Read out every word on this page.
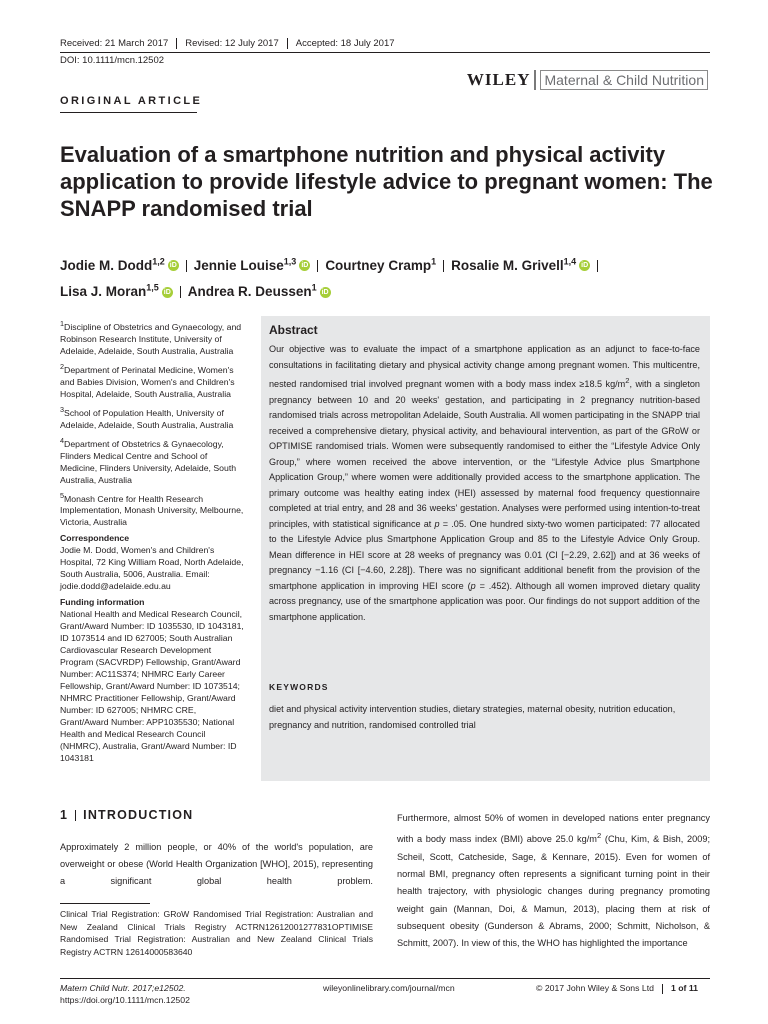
Received: 21 March 2017 Revised: 12 July 2017 Accepted: 18 July 2017
DOI: 10.1111/mcn.12502
WILEY Maternal & Child Nutrition
ORIGINAL ARTICLE
Evaluation of a smartphone nutrition and physical activity application to provide lifestyle advice to pregnant women: The SNAPP randomised trial
Jodie M. Dodd$^{1,2}$ iD Jennie Louise$^{1,3}$ iD Courtney Cramp$^1$ Rosalie M. Grivell$^{1,4}$ iD
Lisa J. Moran$^{1,5}$ iD Andrea R. Deussen$^1$ iD
$^1$Discipline of Obstetrics and Gynaecology, and Robinson Research Institute, University of Adelaide, Adelaide, South Australia, Australia
$^2$Department of Perinatal Medicine, Women's and Babies Division, Women's and Children's Hospital, Adelaide, South Australia, Australia
$^3$School of Population Health, University of Adelaide, Adelaide, South Australia, Australia
$^4$Department of Obstetrics & Gynaecology, Flinders Medical Centre and School of Medicine, Flinders University, Adelaide, South Australia, Australia
$^5$Monash Centre for Health Research Implementation, Monash University, Melbourne, Victoria, Australia
Correspondence
Jodie M. Dodd, Women's and Children's Hospital, 72 King William Road, North Adelaide, South Australia, 5006, Australia. Email: jodie.dodd@adelaide.edu.au
Funding information
National Health and Medical Research Council, Grant/Award Number: ID 1035530, ID 1043181, ID 1073514 and ID 627005; South Australian Cardiovascular Research Development Program (SACVRDP) Fellowship, Grant/Award Number: AC11S374; NHMRC Early Career Fellowship, Grant/Award Number: ID 1073514; NHMRC Practitioner Fellowship, Grant/Award Number: ID 627005; NHMRC CRE, Grant/Award Number: APP1035530; National Health and Medical Research Council (NHMRC), Australia, Grant/Award Number: ID 1043181
Abstract
Our objective was to evaluate the impact of a smartphone application as an adjunct to face-to-face consultations in facilitating dietary and physical activity change among pregnant women. This multicentre, nested randomised trial involved pregnant women with a body mass index ≥18.5 $kg/m^2$, with a singleton pregnancy between 10 and 20 weeks' gestation, and participating in 2 pregnancy nutrition-based randomised trials across metropolitan Adelaide, South Australia. All women participating in the SNAPP trial received a comprehensive dietary, physical activity, and behavioural intervention, as part of the GRoW or OPTIMISE randomised trials. Women were subsequently randomised to either the “Lifestyle Advice Only Group,” where women received the above intervention, or the “Lifestyle Advice plus Smartphone Application Group,” where women were additionally provided access to the smartphone application. The primary outcome was healthy eating index (HEI) assessed by maternal food frequency questionnaire completed at trial entry, and 28 and 36 weeks' gestation. Analyses were performed using intention-to-treat principles, with statistical significance at p = .05. One hundred sixty-two women participated: 77 allocated to the Lifestyle Advice plus Smartphone Application Group and 85 to the Lifestyle Advice Only Group. Mean difference in HEI score at 28 weeks of pregnancy was 0.01 (CI [−2.29, 2.62]) and at 36 weeks of pregnancy −1.16 (CI [−4.60, 2.28]). There was no significant additional benefit from the provision of the smartphone application in improving HEI score (p = .452). Although all women improved dietary quality across pregnancy, use of the smartphone application was poor. Our findings do not support addition of the smartphone application.
KEYWORDS
diet and physical activity intervention studies, dietary strategies, maternal obesity, nutrition education, pregnancy and nutrition, randomised controlled trial
1 INTRODUCTION
Approximately 2 million people, or 40% of the world's population, are overweight or obese (World Health Organization [WHO], 2015), representing a significant global health problem.
Clinical Trial Registration: GRoW Randomised Trial Registration: Australian and New Zealand Clinical Trials Registry ACTRN12612001277831OPTIMISE Randomised Trial Registration: Australian and New Zealand Clinical Trials Registry ACTRN 12614000583640
Furthermore, almost 50% of women in developed nations enter pregnancy with a body mass index (BMI) above 25.0 $kg/m^2$ (Chu, Kim, & Bish, 2009; Scheil, Scott, Catcheside, Sage, & Kennare, 2015). Even for women of normal BMI, pregnancy often represents a significant turning point in their health trajectory, with physiologic changes during pregnancy promoting weight gain (Mannan, Doi, & Mamun, 2013), placing them at risk of subsequent obesity (Gunderson & Abrams, 2000; Schmitt, Nicholson, & Schmitt, 2007). In view of this, the WHO has highlighted the importance
Matern Child Nutr. 2017;e12502.
https://doi.org/10.1111/mcn.12502
wileyonlinelibrary.com/journal/mcn	© 2017 John Wiley & Sons Ltd 1 of 11
